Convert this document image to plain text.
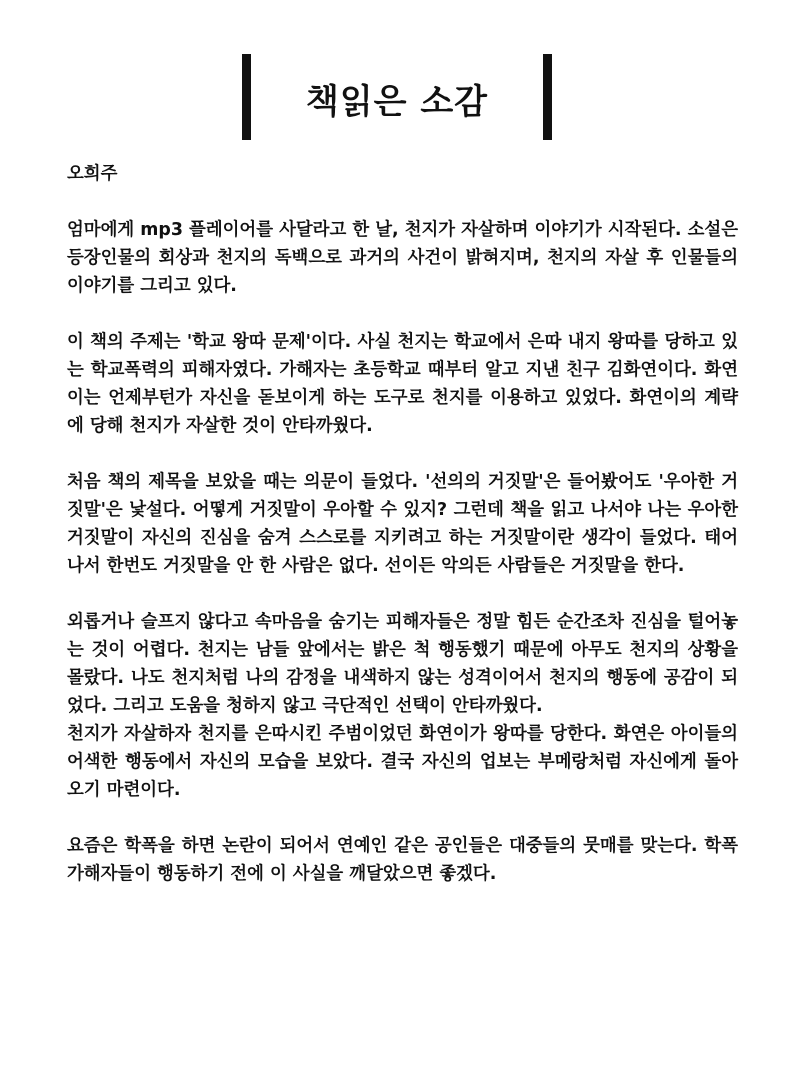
책읽은 소감

오희주

엄마에게 mp3 플레이어를 사달라고 한 날, 천지가 자살하며 이야기가 시작된다. 소설은 등장인물의 회상과 천지의 독백으로 과거의 사건이 밝혀지며, 천지의 자살 후 인물들의 이야기를 그리고 있다.

이 책의 주제는 '학교 왕따 문제'이다. 사실 천지는 학교에서 은따 내지 왕따를 당하고 있는 학교폭력의 피해자였다. 가해자는 초등학교 때부터 알고 지낸 친구 김화연이다. 화연이는 언제부턴가 자신을 돋보이게 하는 도구로 천지를 이용하고 있었다. 화연이의 계략에 당해 천지가 자살한 것이 안타까웠다.

처음 책의 제목을 보았을 때는 의문이 들었다. '선의의 거짓말'은 들어봤어도 '우아한 거짓말'은 낯설다. 어떻게 거짓말이 우아할 수 있지? 그런데 책을 읽고 나서야 나는 우아한 거짓말이 자신의 진심을 숨겨 스스로를 지키려고 하는 거짓말이란 생각이 들었다. 태어나서 한번도 거짓말을 안 한 사람은 없다. 선이든 악의든 사람들은 거짓말을 한다.

외롭거나 슬프지 않다고 속마음을 숨기는 피해자들은 정말 힘든 순간조차 진심을 털어놓는 것이 어렵다. 천지는 남들 앞에서는 밝은 척 행동했기 때문에 아무도 천지의 상황을 몰랐다. 나도 천지처럼 나의 감정을 내색하지 않는 성격이어서 천지의 행동에 공감이 되었다. 그리고 도움을 청하지 않고 극단적인 선택이 안타까웠다.

천지가 자살하자 천지를 은따시킨 주범이었던 화연이가 왕따를 당한다. 화연은 아이들의 어색한 행동에서 자신의 모습을 보았다. 결국 자신의 업보는 부메랑처럼 자신에게 돌아오기 마련이다.

요즘은 학폭을 하면 논란이 되어서 연예인 같은 공인들은 대중들의 뭇매를 맞는다. 학폭 가해자들이 행동하기 전에 이 사실을 깨달았으면 좋겠다.
